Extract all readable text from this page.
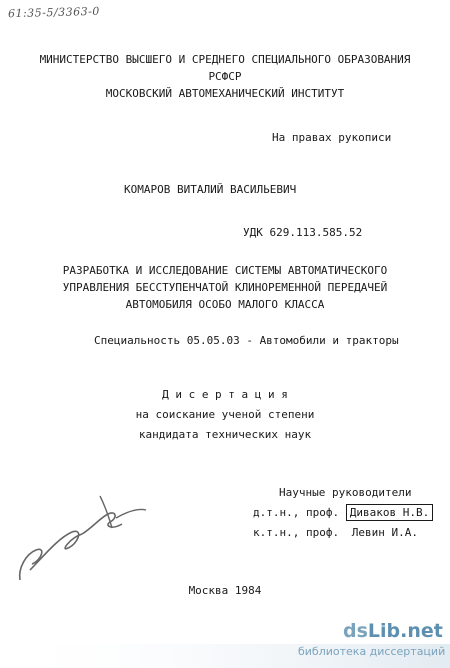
61:35-5/3363-0
МИНИСТЕРСТВО ВЫСШЕГО И СРЕДНЕГО СПЕЦИАЛЬНОГО ОБРАЗОВАНИЯ
РСФСР
МОСКОВСКИЙ АВТОМЕХАНИЧЕСКИЙ ИНСТИТУТ
На правах рукописи
КОМАРОВ ВИТАЛИЙ ВАСИЛЬЕВИЧ
УДК 629.113.585.52
РАЗРАБОТКА И ИССЛЕДОВАНИЕ СИСТЕМЫ АВТОМАТИЧЕСКОГО
УПРАВЛЕНИЯ БЕССТУПЕНЧАТОЙ КЛИНОРЕМЕННОЙ ПЕРЕДАЧЕЙ
АВТОМОБИЛЯ ОСОБО МАЛОГО КЛАССА
Специальность 05.05.03 - Автомобили и тракторы
Д и с е р т а ц и я
на соискание ученой степени
кандидата технических наук
Научные руководители
д.т.н., проф. Диваков Н.В.
к.т.н., проф. Левин И.А.
Москва 1984
dsLib.net
библиотека диссертаций
